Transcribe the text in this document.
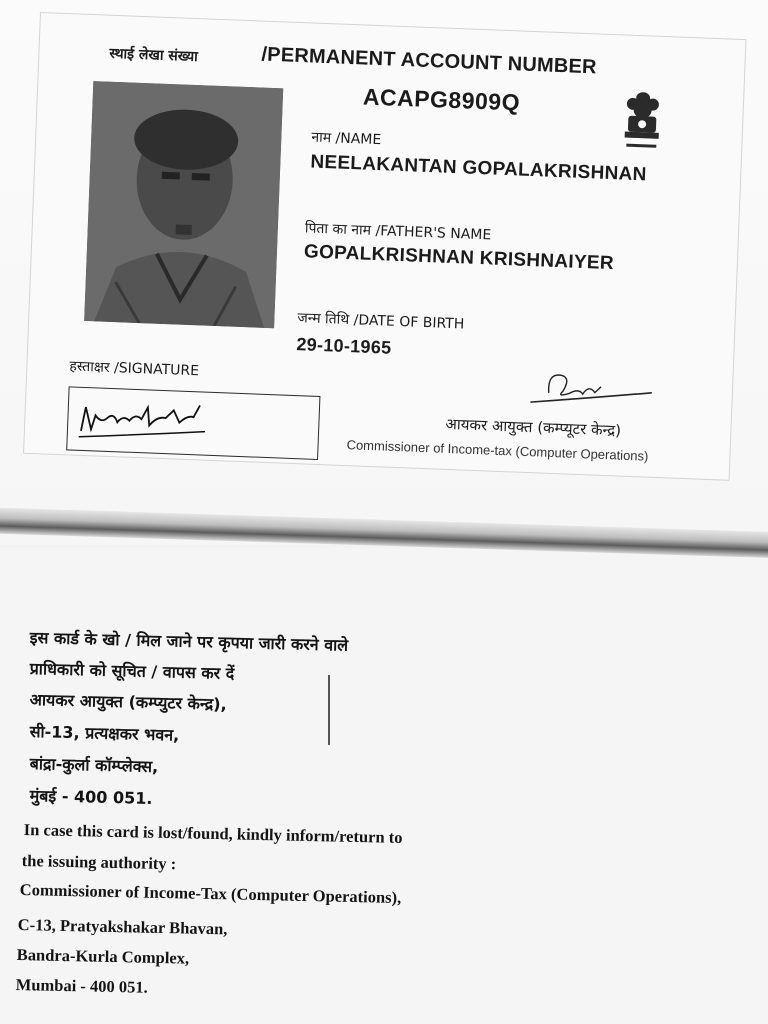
स्थाई लेखा संख्या	/PERMANENT ACCOUNT NUMBER
ACAPG8909Q
नाम /NAME
NEELAKANTAN GOPALAKRISHNAN
पिता का नाम /FATHER'S NAME
GOPALKRISHNAN KRISHNAIYER
जन्म तिथि /DATE OF BIRTH
29-10-1965
हस्ताक्षर /SIGNATURE
आयकर आयुक्त (कम्प्यूटर केन्द्र)
Commissioner of Income-tax (Computer Operations)
इस कार्ड के खो / मिल जाने पर कृपया जारी करने वाले
प्राधिकारी को सूचित / वापस कर दें
आयकर आयुक्त (कम्प्युटर केन्द्र),
सी-13, प्रत्यक्षकर भवन,
बांद्रा-कुर्ला कॉम्प्लेक्स,
मुंबई - 400 051.
In case this card is lost/found, kindly inform/return to
the issuing authority :
Commissioner of Income-Tax (Computer Operations),
C-13, Pratyakshakar Bhavan,
Bandra-Kurla Complex,
Mumbai - 400 051.
